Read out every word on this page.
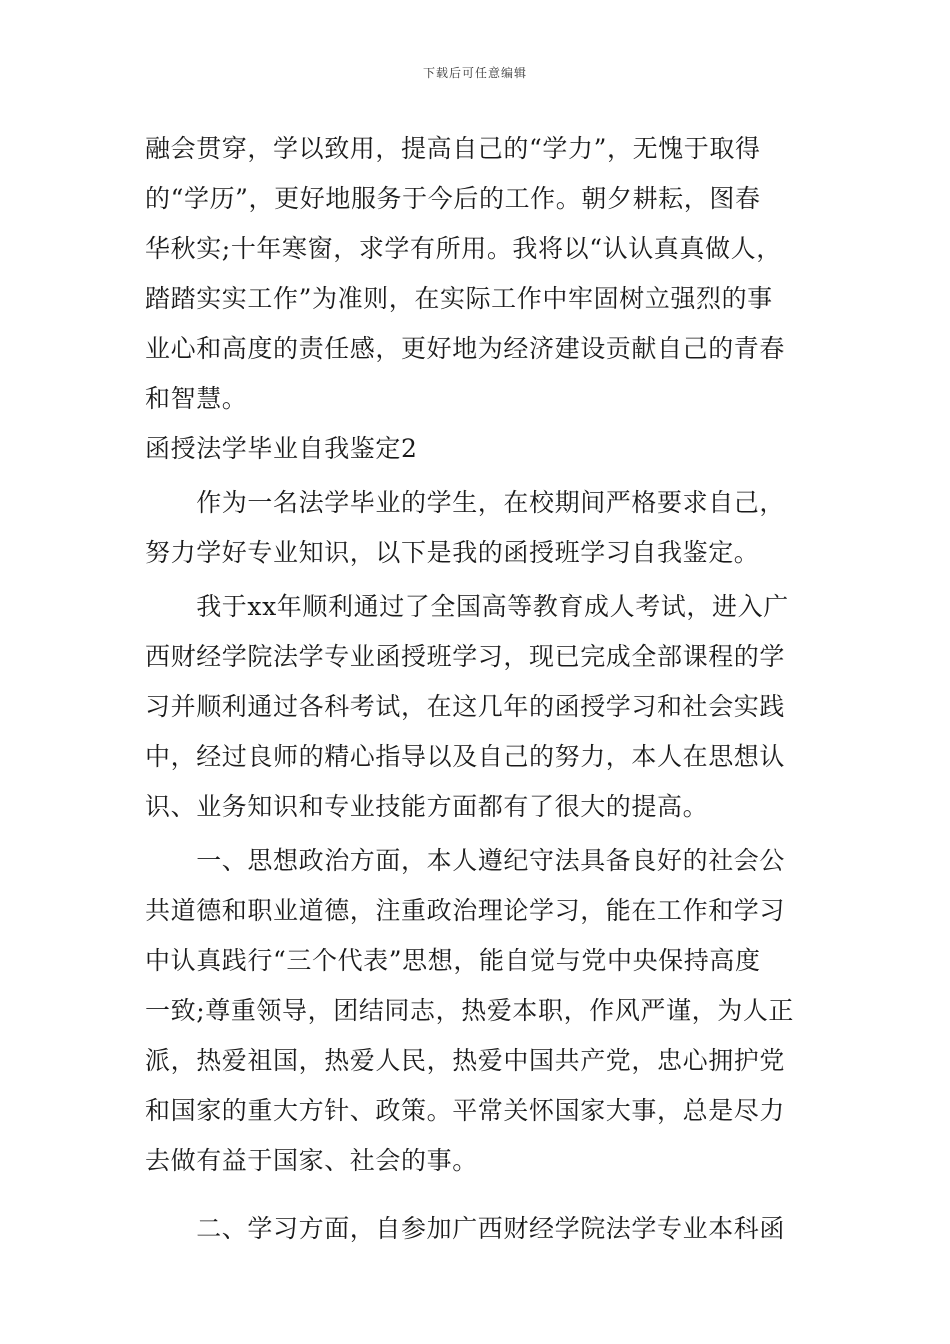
下载后可任意编辑
融会贯穿，学以致用，提高自己的“学力”，无愧于取得
的“学历”，更好地服务于今后的工作。朝夕耕耘，图春
华秋实;十年寒窗，求学有所用。我将以“认认真真做人，
踏踏实实工作”为准则，在实际工作中牢固树立强烈的事
业心和高度的责任感，更好地为经济建设贡献自己的青春
和智慧。
函授法学毕业自我鉴定2
　　作为一名法学毕业的学生，在校期间严格要求自己，
努力学好专业知识，以下是我的函授班学习自我鉴定。
　　我于xx年顺利通过了全国高等教育成人考试，进入广
西财经学院法学专业函授班学习，现已完成全部课程的学
习并顺利通过各科考试，在这几年的函授学习和社会实践
中，经过良师的精心指导以及自己的努力，本人在思想认
识、业务知识和专业技能方面都有了很大的提高。
　　一、思想政治方面，本人遵纪守法具备良好的社会公
共道德和职业道德，注重政治理论学习，能在工作和学习
中认真践行“三个代表”思想，能自觉与党中央保持高度
一致;尊重领导，团结同志，热爱本职，作风严谨，为人正
派，热爱祖国，热爱人民，热爱中国共产党，忠心拥护党
和国家的重大方针、政策。平常关怀国家大事，总是尽力
去做有益于国家、社会的事。
　　二、学习方面，自参加广西财经学院法学专业本科函
